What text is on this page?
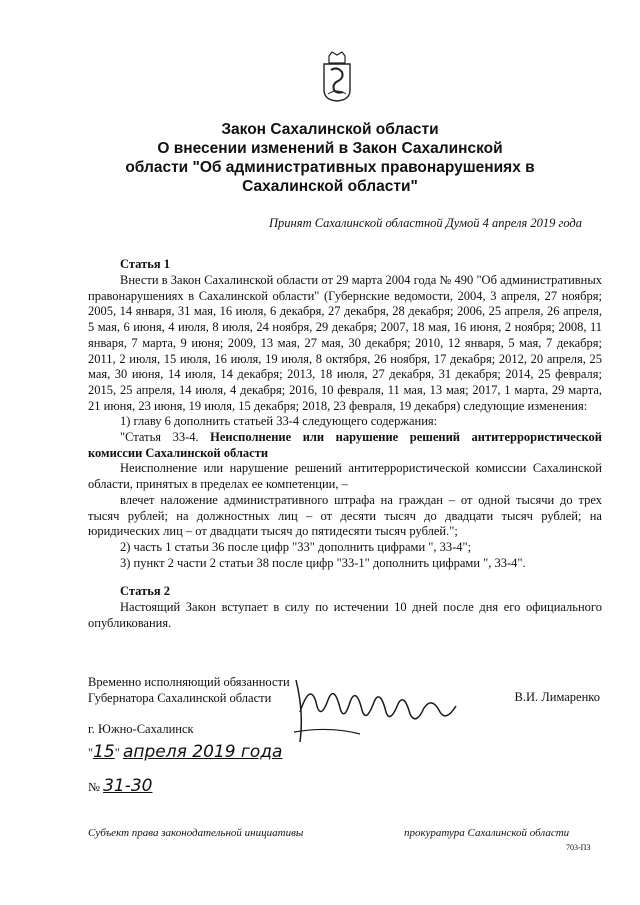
Закон Сахалинской области
О внесении изменений в Закон Сахалинской
области "Об административных правонарушениях в
Сахалинской области"
Принят Сахалинской областной Думой 4 апреля 2019 года
Статья 1

Внести в Закон Сахалинской области от 29 марта 2004 года № 490 "Об административных правонарушениях в Сахалинской области" (Губернские ведомости, 2004, 3 апреля, 27 ноября; 2005, 14 января, 31 мая, 16 июля, 6 декабря, 27 декабря, 28 декабря; 2006, 25 апреля, 26 апреля, 5 мая, 6 июня, 4 июля, 8 июля, 24 ноября, 29 декабря; 2007, 18 мая, 16 июня, 2 ноября; 2008, 11 января, 7 марта, 9 июня; 2009, 13 мая, 27 мая, 30 декабря; 2010, 12 января, 5 мая, 7 декабря; 2011, 2 июля, 15 июля, 16 июля, 19 июля, 8 октября, 26 ноября, 17 декабря; 2012, 20 апреля, 25 мая, 30 июня, 14 июля, 14 декабря; 2013, 18 июля, 27 декабря, 31 декабря; 2014, 25 февраля; 2015, 25 апреля, 14 июля, 4 декабря; 2016, 10 февраля, 11 мая, 13 мая; 2017, 1 марта, 29 марта, 21 июня, 23 июня, 19 июля, 15 декабря; 2018, 23 февраля, 19 декабря) следующие изменения:

1) главу 6 дополнить статьей 33-4 следующего содержания:

"Статья 33-4. Неисполнение или нарушение решений антитеррористической комиссии Сахалинской области

Неисполнение или нарушение решений антитеррористической комиссии Сахалинской области, принятых в пределах ее компетенции, –

влечет наложение административного штрафа на граждан – от одной тысячи до трех тысяч рублей; на должностных лиц – от десяти тысяч до двадцати тысяч рублей; на юридических лиц – от двадцати тысяч до пятидесяти тысяч рублей.";

2) часть 1 статьи 36 после цифр "33" дополнить цифрами ", 33-4";

3) пункт 2 части 2 статьи 38 после цифр "33-1" дополнить цифрами ", 33-4".

Статья 2

Настоящий Закон вступает в силу по истечении 10 дней после дня его официального опубликования.

Временно исполняющий обязанности
Губернатора Сахалинской области	В.И. Лимаренко
г. Южно-Сахалинск
"15" апреля 2019 года
№ 31-30
Субъект права законодательной инициативы	прокуратура Сахалинской области
703-ПЗ
